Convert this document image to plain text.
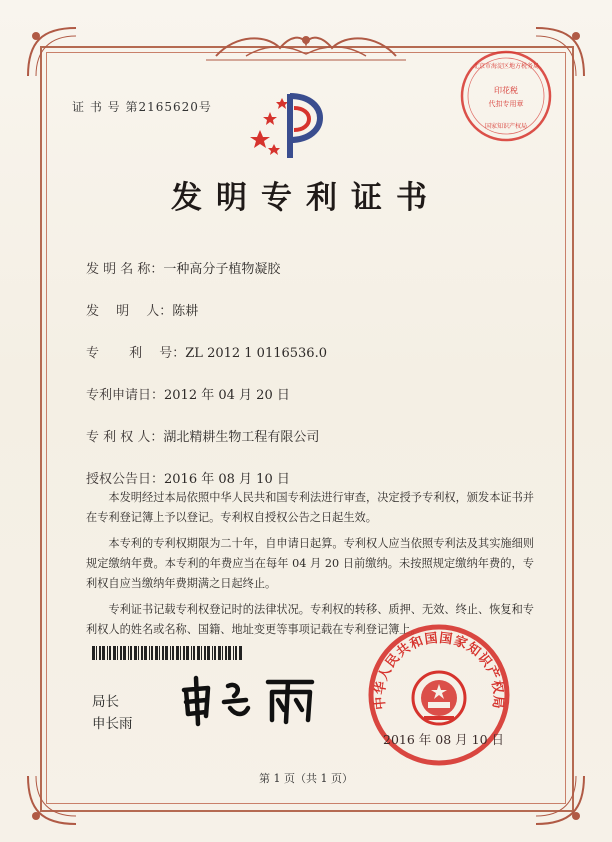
证 书 号 第2165620号
印花税
代扣专用章
北京市海淀区地方税务局
国家知识产权局
发明专利证书
发 明 名 称：一种高分子植物凝胶
发　 明　 人：陈耕
专　　 利　 号：ZL 2012 1 0116536.0
专利申请日：2012 年 04 月 20 日
专 利 权 人：湖北精耕生物工程有限公司
授权公告日：2016 年 08 月 10 日
本发明经过本局依照中华人民共和国专利法进行审查，决定授予专利权，颁发本证书并在专利登记簿上予以登记。专利权自授权公告之日起生效。
本专利的专利权期限为二十年，自申请日起算。专利权人应当依照专利法及其实施细则规定缴纳年费。本专利的年费应当在每年 04 月 20 日前缴纳。未按照规定缴纳年费的，专利权自应当缴纳年费期满之日起终止。
专利证书记载专利权登记时的法律状况。专利权的转移、质押、无效、终止、恢复和专利权人的姓名或名称、国籍、地址变更等事项记载在专利登记簿上。
局长
申长雨
中华人民共和国国家知识产权局
2016 年 08 月 10 日
第 1 页（共 1 页）
